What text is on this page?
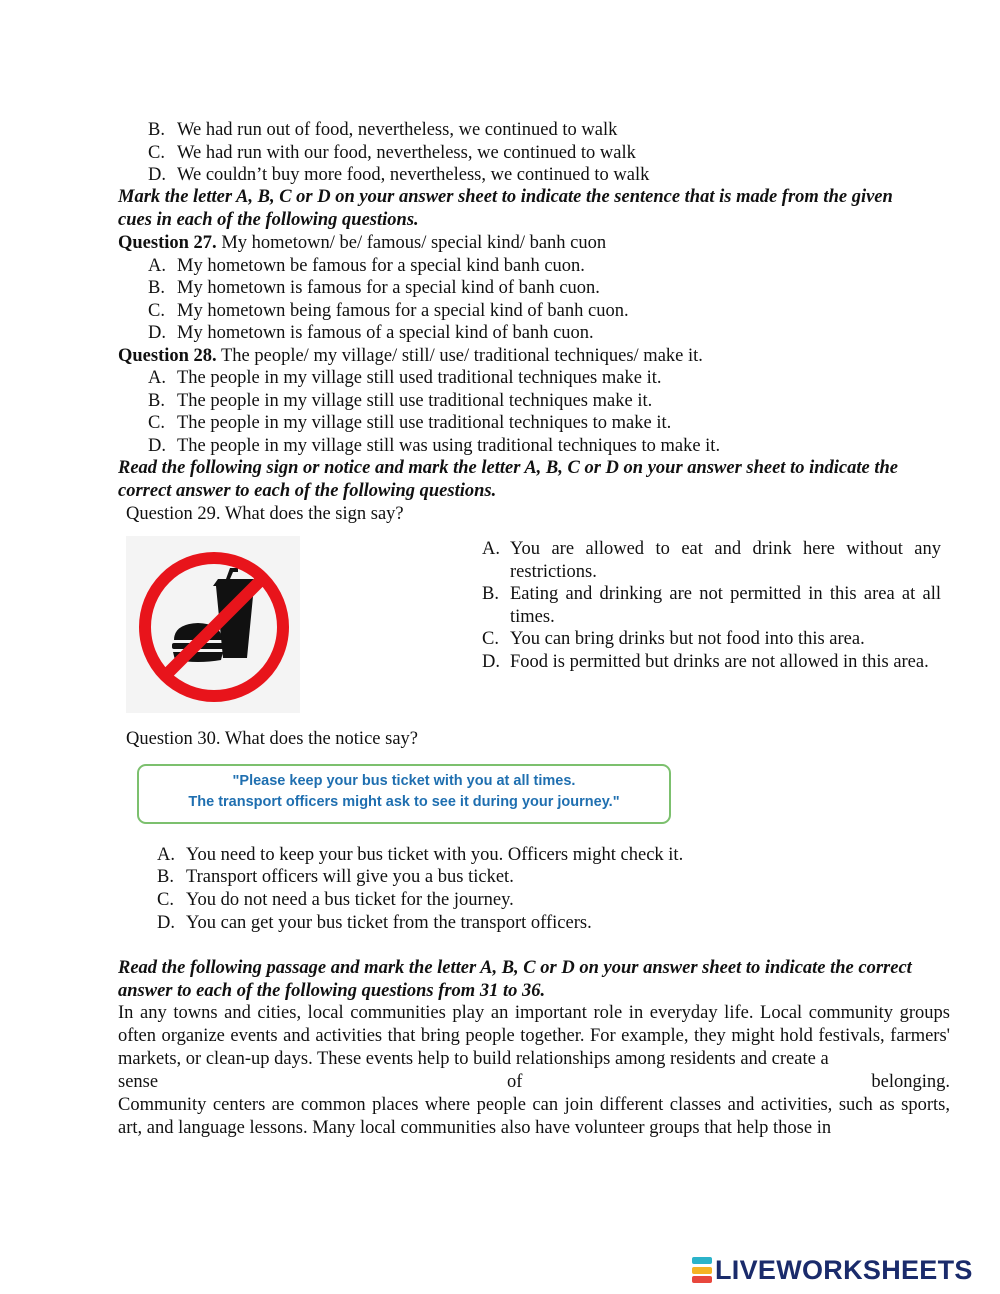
B. We had run out of food, nevertheless, we continued to walk
C. We had run with our food, nevertheless, we continued to walk
D. We couldn’t buy more food, nevertheless, we continued to walk
Mark the letter A, B, C or D on your answer sheet to indicate the sentence that is made from the given
cues in each of the following questions.
Question 27. My hometown/ be/ famous/ special kind/ banh cuon
A. My hometown be famous for a special kind banh cuon.
B. My hometown is famous for a special kind of banh cuon.
C. My hometown being famous for a special kind of banh cuon.
D. My hometown is famous of a special kind of banh cuon.
Question 28. The people/ my village/ still/ use/ traditional techniques/ make it.
A. The people in my village still used traditional techniques make it.
B. The people in my village still use traditional techniques make it.
C. The people in my village still use traditional techniques to make it.
D. The people in my village still was using traditional techniques to make it.
Read the following sign or notice and mark the letter A, B, C or D on your answer sheet to indicate the
correct answer to each of the following questions.
Question 29. What does the sign say?
A. You are allowed to eat and drink here without any restrictions.
B. Eating and drinking are not permitted in this area at all times.
C. You can bring drinks but not food into this area.
D. Food is permitted but drinks are not allowed in this area.
Question 30. What does the notice say?
"Please keep your bus ticket with you at all times.
The transport officers might ask to see it during your journey."
A. You need to keep your bus ticket with you. Officers might check it.
B. Transport officers will give you a bus ticket.
C. You do not need a bus ticket for the journey.
D. You can get your bus ticket from the transport officers.
Read the following passage and mark the letter A, B, C or D on your answer sheet to indicate the correct
answer to each of the following questions from 31 to 36.
In any towns and cities, local communities play an important role in everyday life. Local community groups often organize events and activities that bring people together. For example, they might hold festivals, farmers' markets, or clean-up days. These events help to build relationships among residents and create a
sense	of	belonging.
Community centers are common places where people can join different classes and activities, such as sports, art, and language lessons. Many local communities also have volunteer groups that help those in
LIVEWORKSHEETS
